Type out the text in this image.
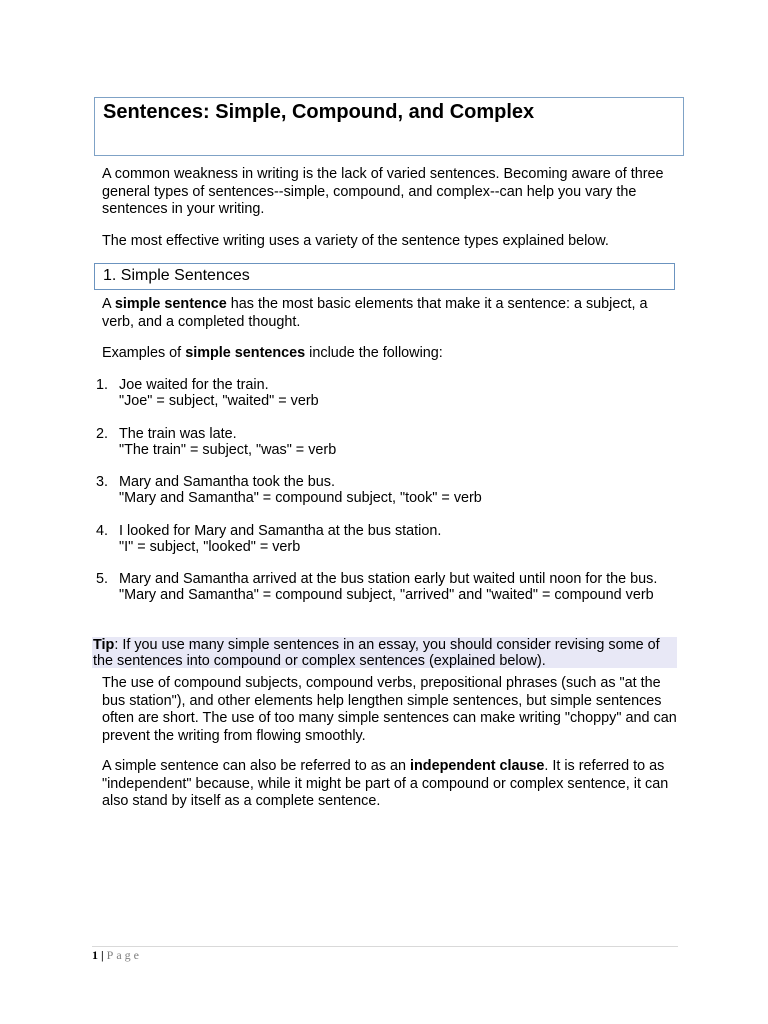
Sentences: Simple, Compound, and Complex

A common weakness in writing is the lack of varied sentences. Becoming aware of three general types of sentences--simple, compound, and complex--can help you vary the sentences in your writing.

The most effective writing uses a variety of the sentence types explained below.

1. Simple Sentences

A simple sentence has the most basic elements that make it a sentence: a subject, a verb, and a completed thought.

Examples of simple sentences include the following:

1. Joe waited for the train.
"Joe" = subject, "waited" = verb
2. The train was late.
"The train" = subject, "was" = verb
3. Mary and Samantha took the bus.
"Mary and Samantha" = compound subject, "took" = verb
4. I looked for Mary and Samantha at the bus station.
"I" = subject, "looked" = verb
5. Mary and Samantha arrived at the bus station early but waited until noon for the bus.
"Mary and Samantha" = compound subject, "arrived" and "waited" = compound verb
Tip: If you use many simple sentences in an essay, you should consider revising some of the sentences into compound or complex sentences (explained below).

The use of compound subjects, compound verbs, prepositional phrases (such as "at the bus station"), and other elements help lengthen simple sentences, but simple sentences often are short. The use of too many simple sentences can make writing "choppy" and can prevent the writing from flowing smoothly.

A simple sentence can also be referred to as an independent clause. It is referred to as "independent" because, while it might be part of a compound or complex sentence, it can also stand by itself as a complete sentence.

1 | Page
